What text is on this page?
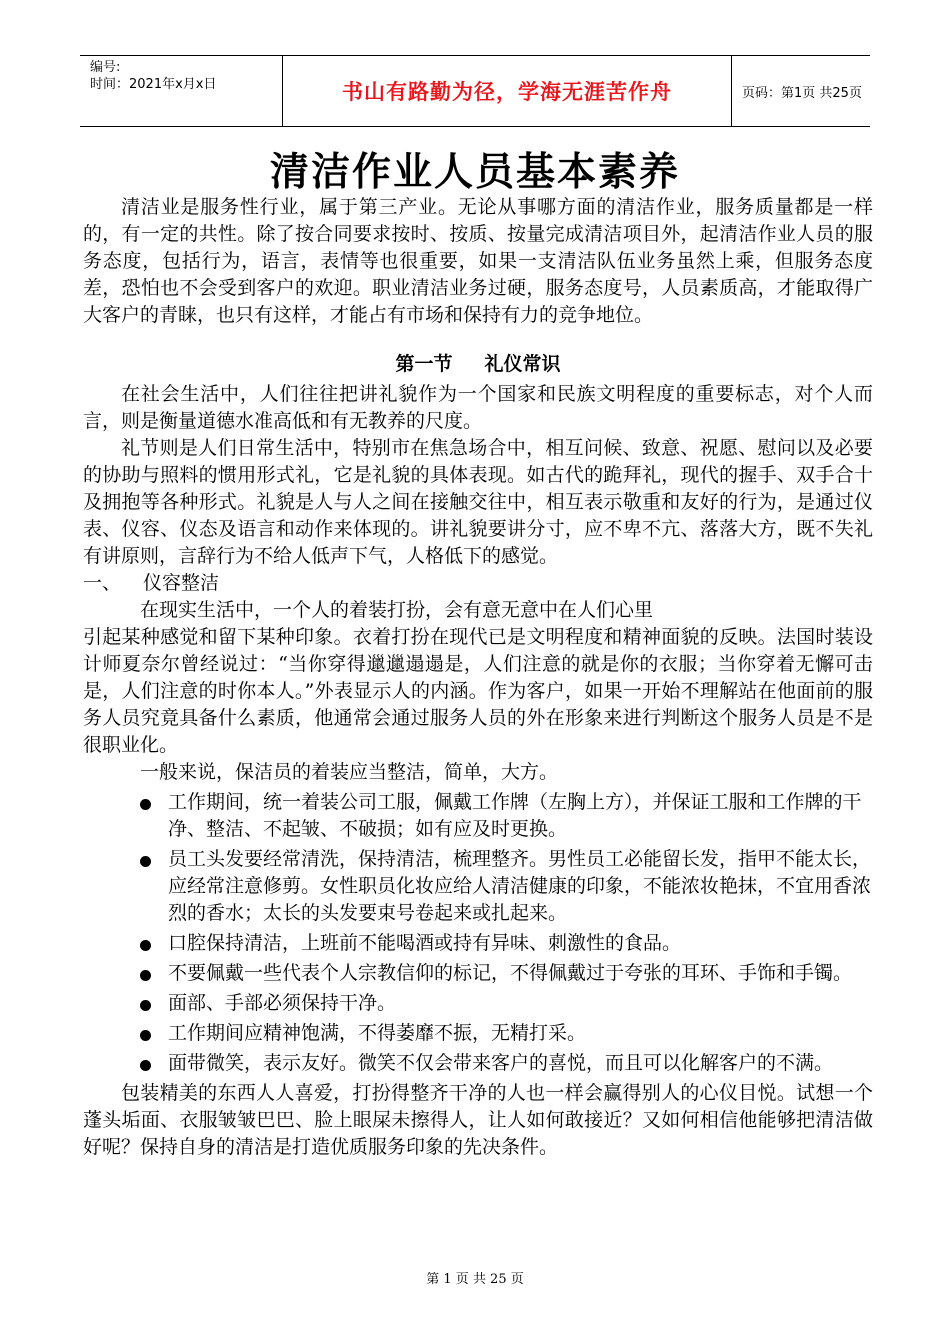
编号:
时间：2021年x月x日	书山有路勤为径，学海无涯苦作舟	页码：第1页 共25页
清洁作业人员基本素养

清洁业是服务性行业，属于第三产业。无论从事哪方面的清洁作业，服务质量都是一样的，有一定的共性。除了按合同要求按时、按质、按量完成清洁项目外，起清洁作业人员的服务态度，包括行为，语言，表情等也很重要，如果一支清洁队伍业务虽然上乘，但服务态度差，恐怕也不会受到客户的欢迎。职业清洁业务过硬，服务态度号，人员素质高，才能取得广大客户的青睐，也只有这样，才能占有市场和保持有力的竞争地位。

第一节 礼仪常识

在社会生活中，人们往往把讲礼貌作为一个国家和民族文明程度的重要标志，对个人而言，则是衡量道德水准高低和有无教养的尺度。

礼节则是人们日常生活中，特别市在焦急场合中，相互问候、致意、祝愿、慰问以及必要的协助与照料的惯用形式礼，它是礼貌的具体表现。如古代的跪拜礼，现代的握手、双手合十及拥抱等各种形式。礼貌是人与人之间在接触交往中，相互表示敬重和友好的行为，是通过仪表、仪容、仪态及语言和动作来体现的。讲礼貌要讲分寸，应不卑不亢、落落大方，既不失礼有讲原则，言辞行为不给人低声下气，人格低下的感觉。

一、	仪容整洁

在现实生活中，一个人的着装打扮，会有意无意中在人们心里

引起某种感觉和留下某种印象。衣着打扮在现代已是文明程度和精神面貌的反映。法国时装设计师夏奈尔曾经说过：“当你穿得邋邋遢遢是，人们注意的就是你的衣服；当你穿着无懈可击是，人们注意的时你本人。”外表显示人的内涵。作为客户，如果一开始不理解站在他面前的服务人员究竟具备什么素质，他通常会通过服务人员的外在形象来进行判断这个服务人员是不是很职业化。

一般来说，保洁员的着装应当整洁，简单，大方。

工作期间，统一着装公司工服，佩戴工作牌（左胸上方），并保证工服和工作牌的干净、整洁、不起皱、不破损；如有应及时更换。
员工头发要经常清洗，保持清洁，梳理整齐。男性员工必能留长发，指甲不能太长，应经常注意修剪。女性职员化妆应给人清洁健康的印象，不能浓妆艳抹，不宜用香浓烈的香水；太长的头发要束号卷起来或扎起来。
口腔保持清洁，上班前不能喝酒或持有异味、刺激性的食品。
不要佩戴一些代表个人宗教信仰的标记，不得佩戴过于夸张的耳环、手饰和手镯。
面部、手部必须保持干净。
工作期间应精神饱满，不得萎靡不振，无精打采。
面带微笑，表示友好。微笑不仅会带来客户的喜悦，而且可以化解客户的不满。

包装精美的东西人人喜爱，打扮得整齐干净的人也一样会赢得别人的心仪目悦。试想一个蓬头垢面、衣服皱皱巴巴、脸上眼屎未擦得人，让人如何敢接近？又如何相信他能够把清洁做好呢？保持自身的清洁是打造优质服务印象的先决条件。

第 1 页 共 25 页
